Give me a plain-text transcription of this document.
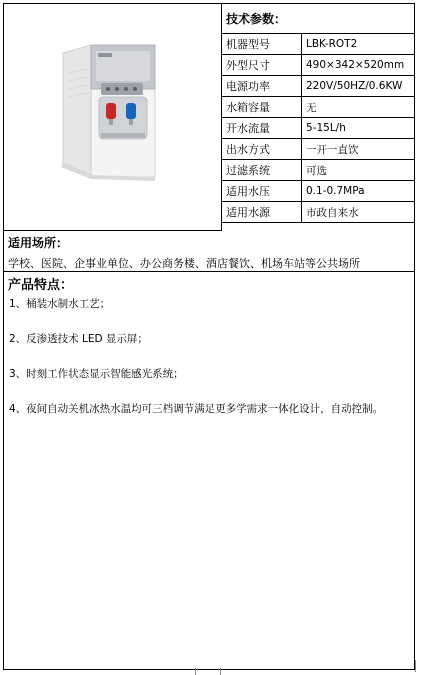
技术参数：	
机器型号	LBK-ROT2
外型尺寸	490×342×520mm
电源功率	220V/50HZ/0.6KW
水箱容量	无
开水流量	5-15L/h
出水方式	一开一直饮
过滤系统	可选
适用水压	0.1-0.7MPa
适用水源	市政自来水
适用场所：
学校、医院、企事业单位、办公商务楼、酒店餐饮、机场车站等公共场所
产品特点：
1、桶装水制水工艺；
2、反渗透技术 LED 显示屏；
3、时刻工作状态显示智能感光系统；
4、夜间自动关机冰热水温均可三档调节满足更多学需求一体化设计，自动控制。
